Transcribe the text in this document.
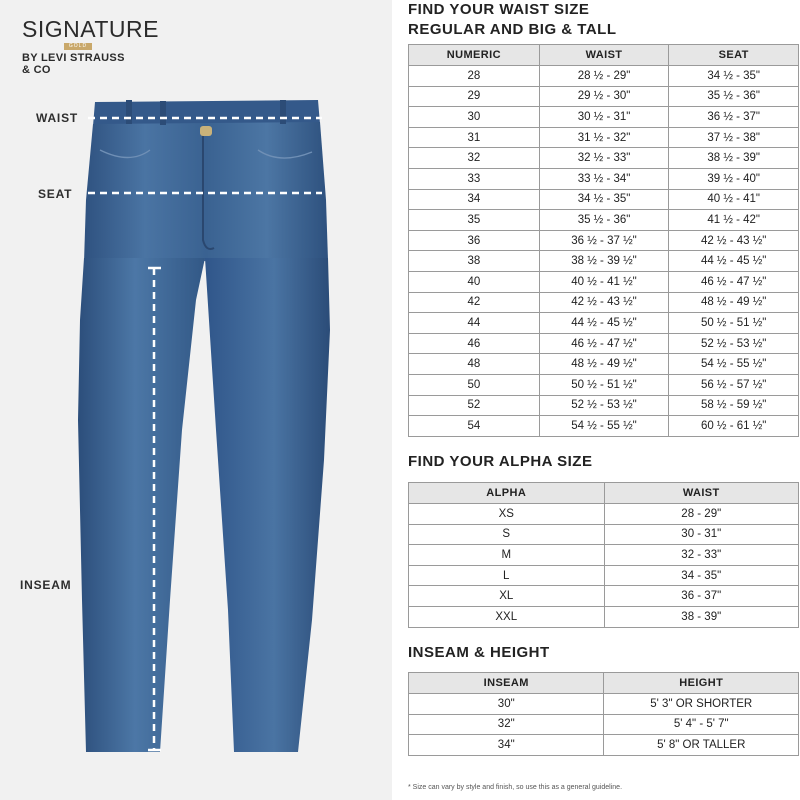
SIGNATURE
GOLD
BY LEVI STRAUSS & CO
WAIST
SEAT
INSEAM
FIND YOUR WAIST SIZE
REGULAR AND BIG & TALL
NUMERIC	WAIST	SEAT
28	28 ½ - 29"	34 ½ - 35"
29	29 ½ - 30"	35 ½ - 36"
30	30 ½ - 31"	36 ½ - 37"
31	31 ½ - 32"	37 ½ - 38"
32	32 ½ - 33"	38 ½ - 39"
33	33 ½ - 34"	39 ½ - 40"
34	34 ½ - 35"	40 ½ - 41"
35	35 ½ - 36"	41 ½ - 42"
36	36 ½ - 37 ½"	42 ½ - 43 ½"
38	38 ½ - 39 ½"	44 ½ - 45 ½"
40	40 ½ - 41 ½"	46 ½ - 47 ½"
42	42 ½ - 43 ½"	48 ½ - 49 ½"
44	44 ½ - 45 ½"	50 ½ - 51 ½"
46	46 ½ - 47 ½"	52 ½ - 53 ½"
48	48 ½ - 49 ½"	54 ½ - 55 ½"
50	50 ½ - 51 ½"	56 ½ - 57 ½"
52	52 ½ - 53 ½"	58 ½ - 59 ½"
54	54 ½ - 55 ½"	60 ½ - 61 ½"
FIND YOUR ALPHA SIZE
ALPHA	WAIST
XS	28 - 29"
S	30 - 31"
M	32 - 33"
L	34 - 35"
XL	36 - 37"
XXL	38 - 39"
INSEAM & HEIGHT
INSEAM	HEIGHT
30"	5' 3" OR SHORTER
32"	5' 4" - 5' 7"
34"	5' 8" OR TALLER
* Size can vary by style and finish, so use this as a general guideline.
